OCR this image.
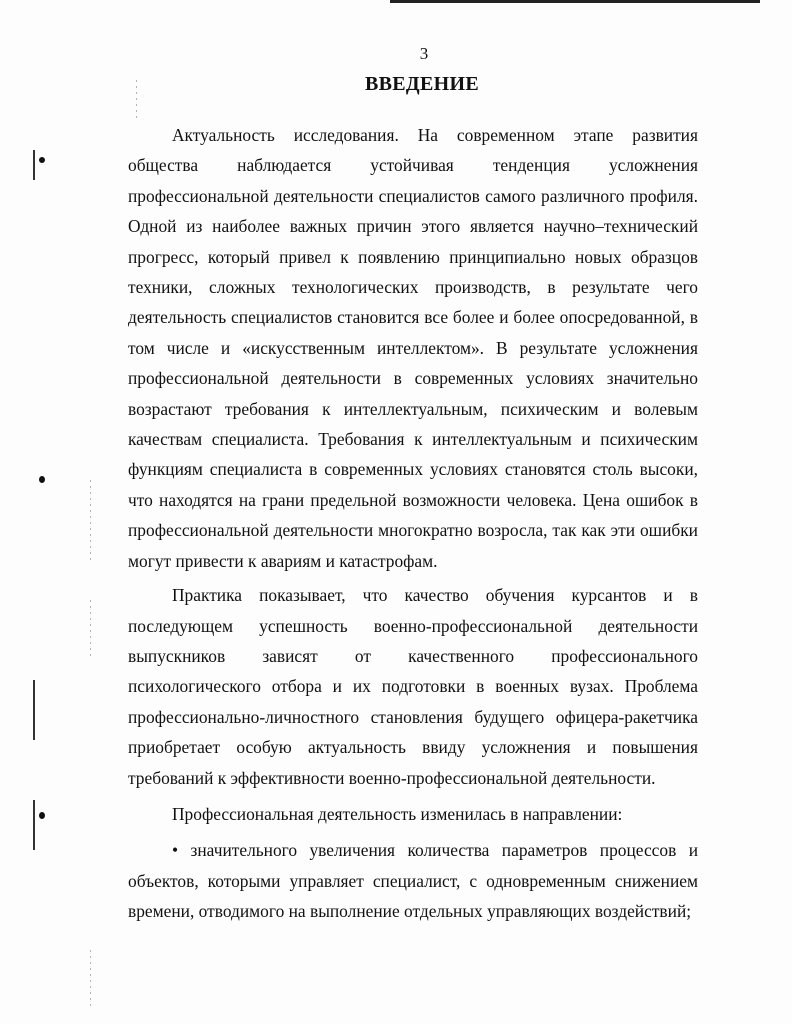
3
ВВЕДЕНИЕ

Актуальность исследования. На современном этапе развития общества наблюдается устойчивая тенденция усложнения профессиональной деятельности специалистов самого различного профиля. Одной из наиболее важных причин этого является научно–технический прогресс, который привел к появлению принципиально новых образцов техники, сложных технологических производств, в результате чего деятельность специалистов становится все более и более опосредованной, в том числе и «искусственным интеллектом». В результате усложнения профессиональной деятельности в современных условиях значительно возрастают требования к интеллектуальным, психическим и волевым качествам специалиста. Требования к интеллектуальным и психическим функциям специалиста в современных условиях становятся столь высоки, что находятся на грани предельной возможности человека. Цена ошибок в профессиональной деятельности многократно возросла, так как эти ошибки могут привести к авариям и катастрофам.

Практика показывает, что качество обучения курсантов и в последующем успешность военно-профессиональной деятельности выпускников зависят от качественного профессионального психологического отбора и их подготовки в военных вузах. Проблема профессионально-личностного становления будущего офицера-ракетчика приобретает особую актуальность ввиду усложнения и повышения требований к эффективности военно-профессиональной деятельности.

Профессиональная деятельность изменилась в направлении:

• значительного увеличения количества параметров процессов и объектов, которыми управляет специалист, с одновременным снижением времени, отводимого на выполнение отдельных управляющих воздействий;
